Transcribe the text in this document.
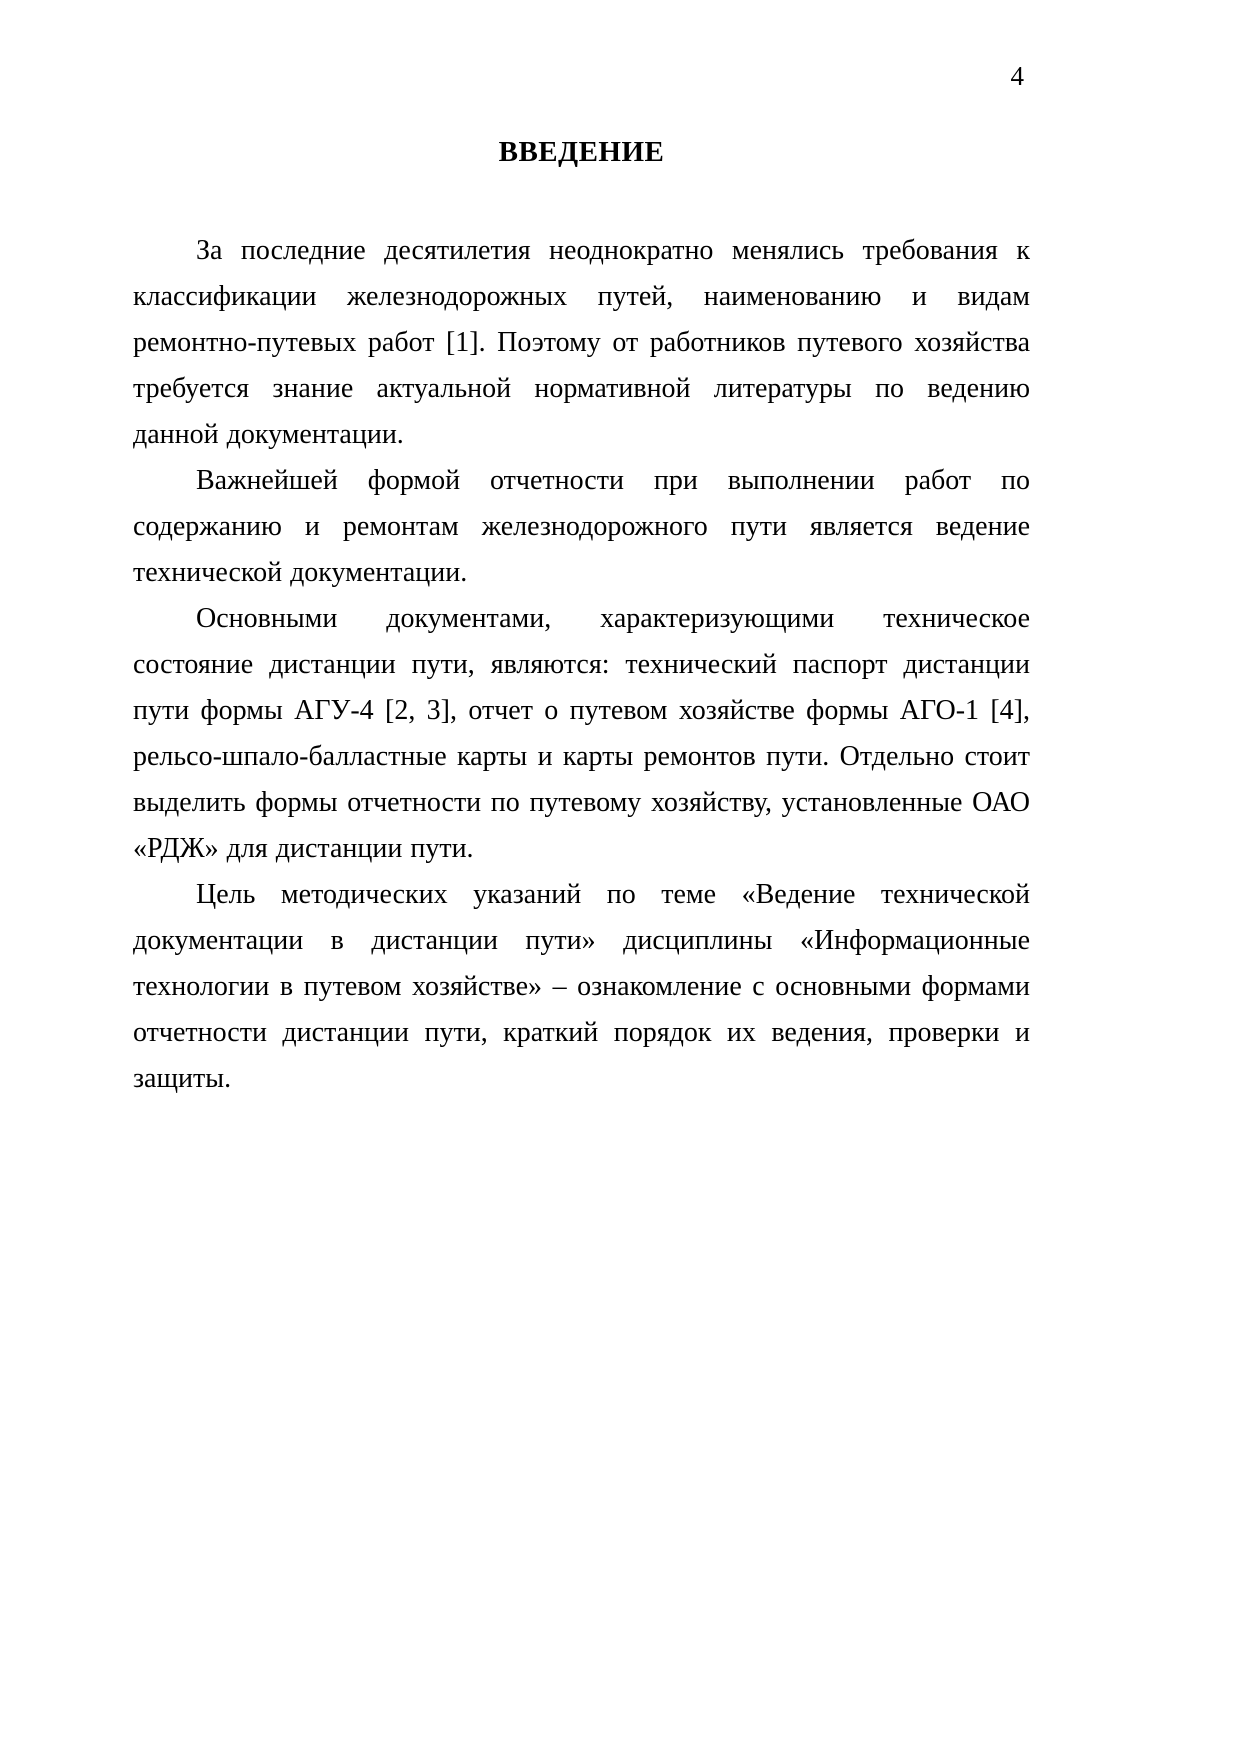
4
ВВЕДЕНИЕ

За последние десятилетия неоднократно менялись требования к классификации железнодорожных путей, наименованию и видам ремонтно-путевых работ [1]. Поэтому от работников путевого хозяйства требуется знание актуальной нормативной литературы по ведению данной документации.

Важнейшей формой отчетности при выполнении работ по содержанию и ремонтам железнодорожного пути является ведение технической документации.

Основными документами, характеризующими техническое состояние дистанции пути, являются: технический паспорт дистанции пути формы АГУ-4 [2, 3], отчет о путевом хозяйстве формы АГО-1 [4], рельсо-шпало-балластные карты и карты ремонтов пути. Отдельно стоит выделить формы отчетности по путевому хозяйству, установленные ОАО «РДЖ» для дистанции пути.

Цель методических указаний по теме «Ведение технической документации в дистанции пути» дисциплины «Информационные технологии в путевом хозяйстве» – ознакомление с основными формами отчетности дистанции пути, краткий порядок их ведения, проверки и защиты.
